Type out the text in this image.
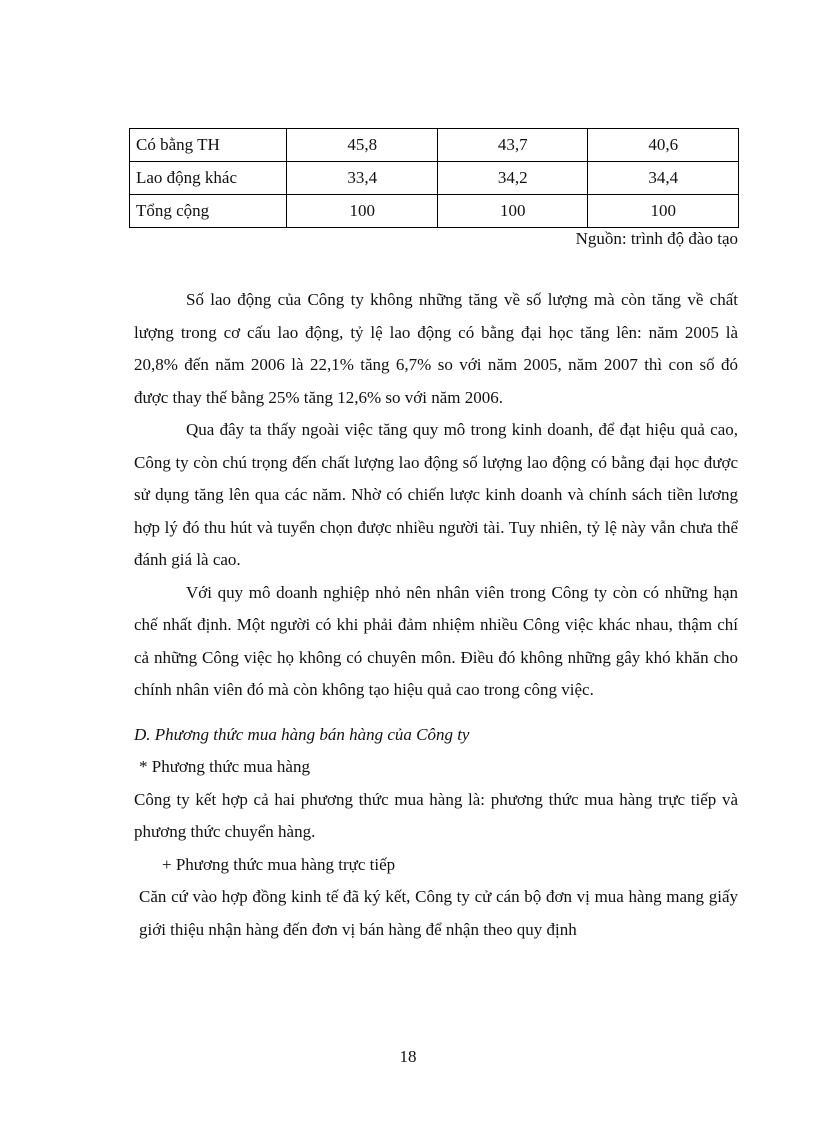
Có bằng TH	45,8	43,7	40,6
Lao động khác	33,4	34,2	34,4
Tổng cộng	100	100	100
Nguồn: trình độ đào tạo

Số lao động của Công ty không những tăng về số lượng mà còn tăng về chất lượng trong cơ cấu lao động, tỷ lệ lao động có bằng đại học tăng lên: năm 2005 là 20,8% đến năm 2006 là 22,1% tăng 6,7% so với năm 2005, năm 2007 thì con số đó được thay thế bằng 25% tăng 12,6% so với năm 2006.

Qua đây ta thấy ngoài việc tăng quy mô trong kinh doanh, để đạt hiệu quả cao, Công ty còn chú trọng đến chất lượng lao động số lượng lao động có bằng đại học được sử dụng tăng lên qua các năm. Nhờ có chiến lược kinh doanh và chính sách tiền lương hợp lý đó thu hút và tuyển chọn được nhiều người tài. Tuy nhiên, tỷ lệ này vẫn chưa thể đánh giá là cao.

Với quy mô doanh nghiệp nhỏ nên nhân viên trong Công ty còn có những hạn chế nhất định. Một người có khi phải đảm nhiệm nhiều Công việc khác nhau, thậm chí cả những Công việc họ không có chuyên môn. Điều đó không những gây khó khăn cho chính nhân viên đó mà còn không tạo hiệu quả cao trong công việc.

D. Phương thức mua hàng bán hàng của Công ty

* Phương thức mua hàng

Công ty kết hợp cả hai phương thức mua hàng là: phương thức mua hàng trực tiếp và phương thức chuyển hàng.

+ Phương thức mua hàng trực tiếp

Căn cứ vào hợp đồng kinh tế đã ký kết, Công ty cử cán bộ đơn vị mua hàng mang giấy giới thiệu nhận hàng đến đơn vị bán hàng để nhận theo quy định

18
